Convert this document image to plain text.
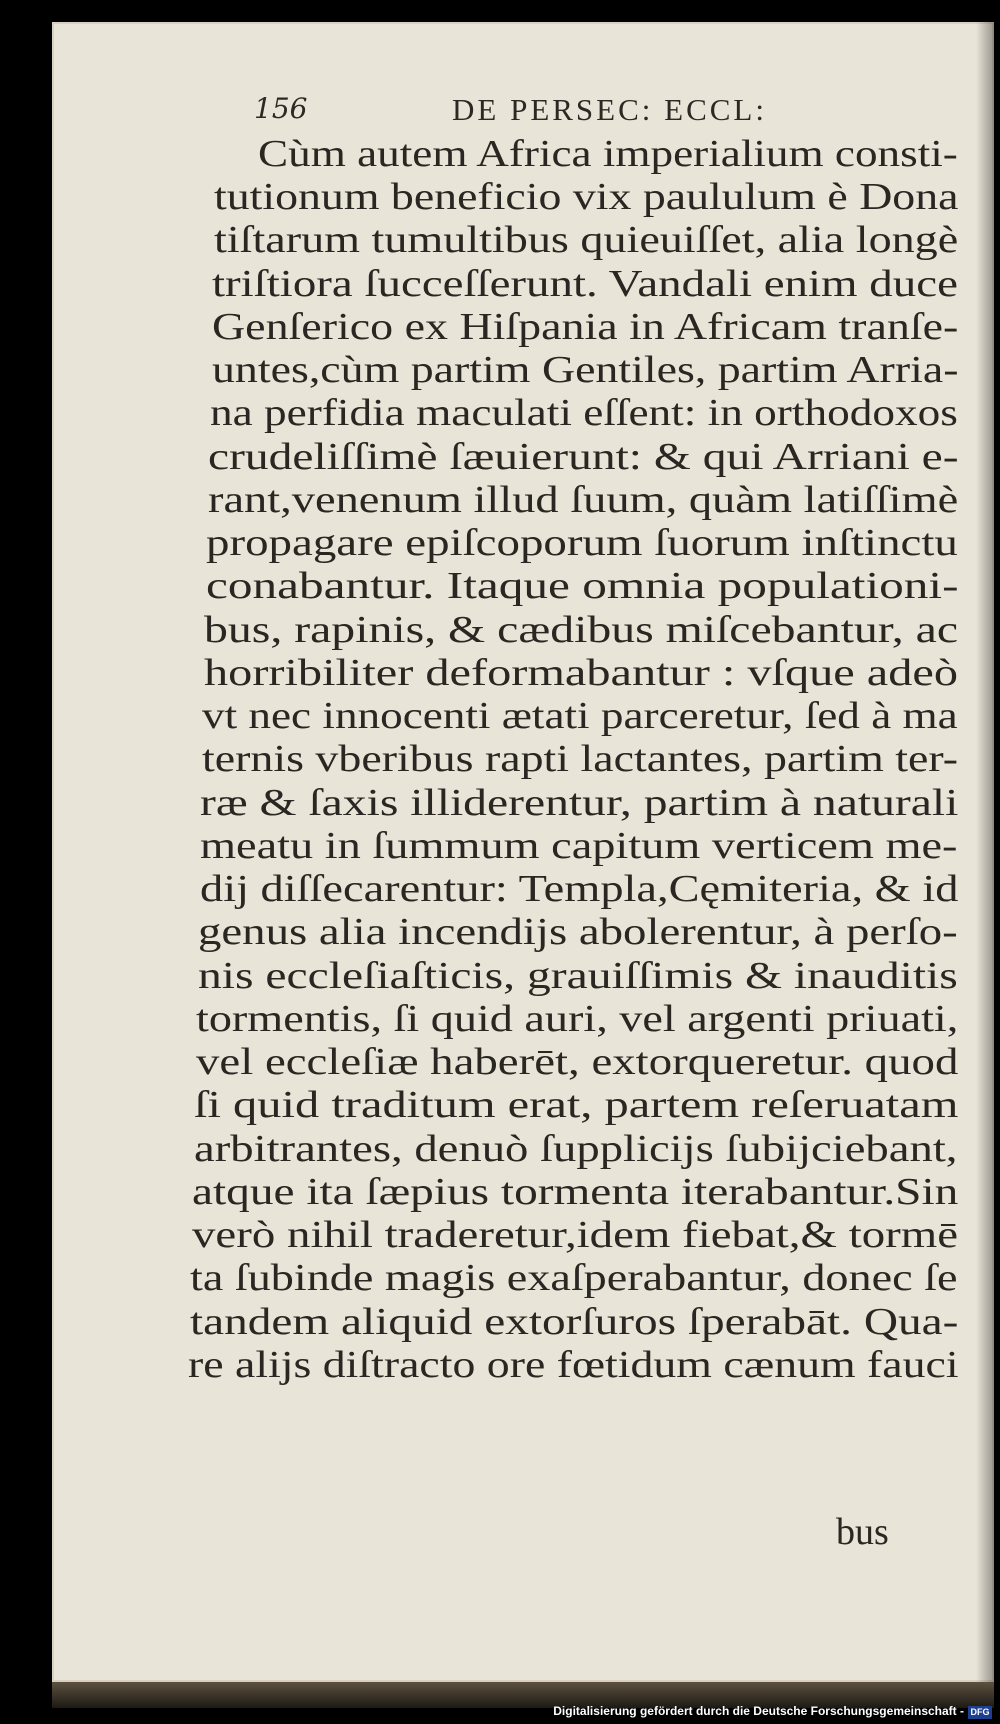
156	DE PERSEC: ECCL:
Cùm autem Africa imperialium consti-
tutionum beneficio vix paululum è Dona
tiſtarum tumultibus quieuiſſet, alia longè
triſtiora ſucceſſerunt. Vandali enim duce
Genſerico ex Hiſpania in Africam tranſe-
untes,cùm partim Gentiles, partim Arria-
na perfidia maculati eſſent: in orthodoxos
crudeliſſimè ſæuierunt: & qui Arriani e-
rant,venenum illud ſuum, quàm latiſſimè
propagare epiſcoporum ſuorum inſtinctu
conabantur. Itaque omnia populationi-
bus, rapinis, & cædibus miſcebantur, ac
horribiliter deformabantur : vſque adeò
vt nec innocenti ætati parceretur, ſed à ma
ternis vberibus rapti lactantes, partim ter-
ræ & ſaxis illiderentur, partim à naturali
meatu in ſummum capitum verticem me-
dij diſſecarentur: Templa,Cęmiteria, & id
genus alia incendijs abolerentur, à perſo-
nis eccleſiaſticis, grauiſſimis & inauditis
tormentis, ſi quid auri, vel argenti priuati,
vel eccleſiæ haberēt, extorqueretur. quod
ſi quid traditum erat, partem reſeruatam
arbitrantes, denuò ſupplicijs ſubijciebant,
atque ita ſæpius tormenta iterabantur.Sin
verò nihil traderetur,idem fiebat,& tormē
ta ſubinde magis exaſperabantur, donec ſe
tandem aliquid extorſuros ſperabāt. Qua-
re alijs diſtracto ore fœtidum cænum fauci
bus
Digitalisierung gefördert durch die Deutsche Forschungsgemeinschaft - DFG
